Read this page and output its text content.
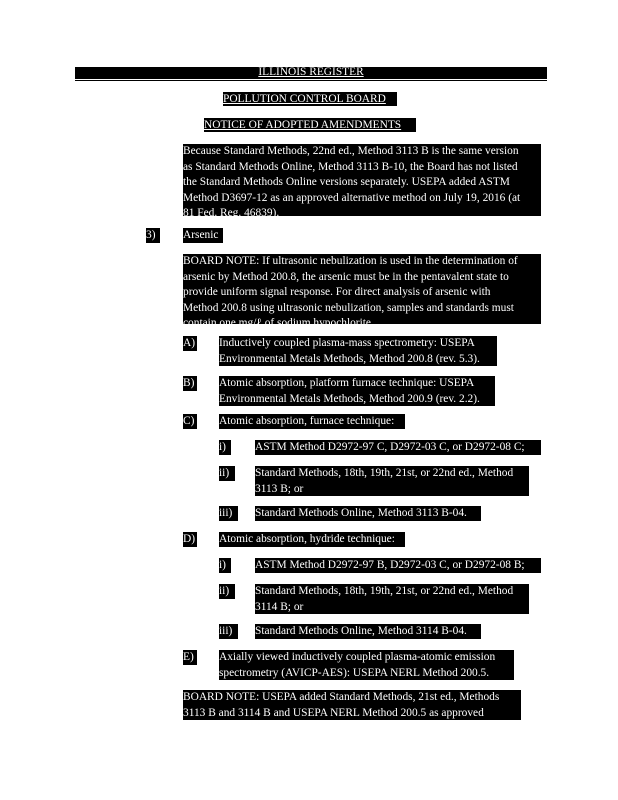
ILLINOIS REGISTER
POLLUTION CONTROL BOARD
NOTICE OF ADOPTED AMENDMENTS
Because Standard Methods, 22nd ed., Method 3113 B is the same version
as Standard Methods Online, Method 3113 B-10, the Board has not listed
the Standard Methods Online versions separately. USEPA added ASTM
Method D3697-12 as an approved alternative method on July 19, 2016 (at
81 Fed. Reg. 46839).
3)	Arsenic
BOARD NOTE: If ultrasonic nebulization is used in the determination of
arsenic by Method 200.8, the arsenic must be in the pentavalent state to
provide uniform signal response. For direct analysis of arsenic with
Method 200.8 using ultrasonic nebulization, samples and standards must
contain one mg/ℓ of sodium hypochlorite.
A) Inductively coupled plasma-mass spectrometry: USEPA
Environmental Metals Methods, Method 200.8 (rev. 5.3).
B) Atomic absorption, platform furnace technique: USEPA
Environmental Metals Methods, Method 200.9 (rev. 2.2).
C) Atomic absorption, furnace technique:
i)	ASTM Method D2972-97 C, D2972-03 C, or D2972-08 C;
ii)	Standard Methods, 18th, 19th, 21st, or 22nd ed., Method
3113 B; or
iii)	Standard Methods Online, Method 3113 B-04.
D) Atomic absorption, hydride technique:
i)	ASTM Method D2972-97 B, D2972-03 C, or D2972-08 B;
ii)	Standard Methods, 18th, 19th, 21st, or 22nd ed., Method
3114 B; or
iii)	Standard Methods Online, Method 3114 B-04.
E) Axially viewed inductively coupled plasma-atomic emission
spectrometry (AVICP-AES): USEPA NERL Method 200.5.
BOARD NOTE: USEPA added Standard Methods, 21st ed., Methods
3113 B and 3114 B and USEPA NERL Method 200.5 as approved
